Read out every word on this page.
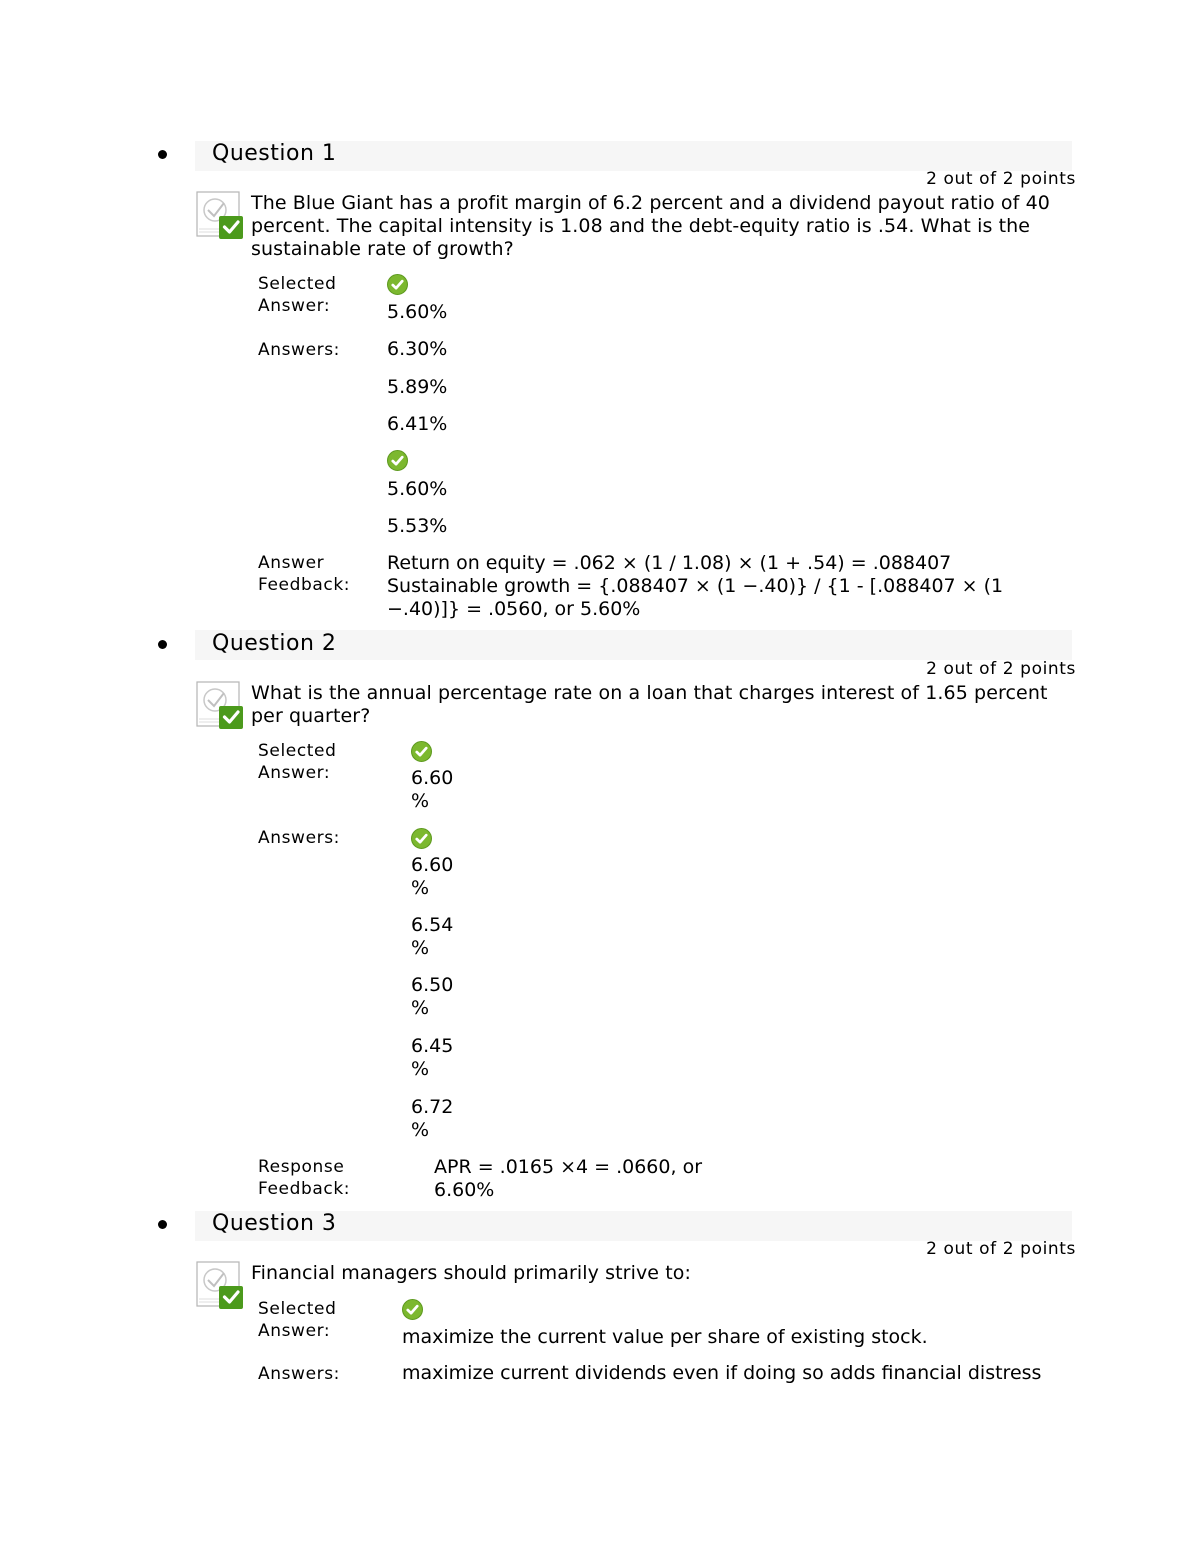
Question 1
2 out of 2 points
The Blue Giant has a profit margin of 6.2 percent and a dividend payout ratio of 40 percent. The capital intensity is 1.08 and the debt-equity ratio is .54. What is the sustainable rate of growth?
Selected Answer:	5.60%
Answers:	6.30%
5.89%
6.41%
5.60%
5.53%
Answer Feedback:
Return on equity = .062 × (1 / 1.08) × (1 + .54) = .088407 Sustainable growth = {.088407 × (1 −.40)} / {1 - [.088407 × (1 −.40)]} = .0560, or 5.60%
Question 2
2 out of 2 points
What is the annual percentage rate on a loan that charges interest of 1.65 percent per quarter?
Selected Answer:	6.60 %
Answers:
6.60 %
6.54 %
6.50 %
6.45 %
6.72 %
Response Feedback:
APR = .0165 ×4 = .0660, or 6.60%
Question 3
2 out of 2 points
Financial managers should primarily strive to:
Selected Answer:	maximize the current value per share of existing stock.
Answers:	maximize current dividends even if doing so adds financial distress
